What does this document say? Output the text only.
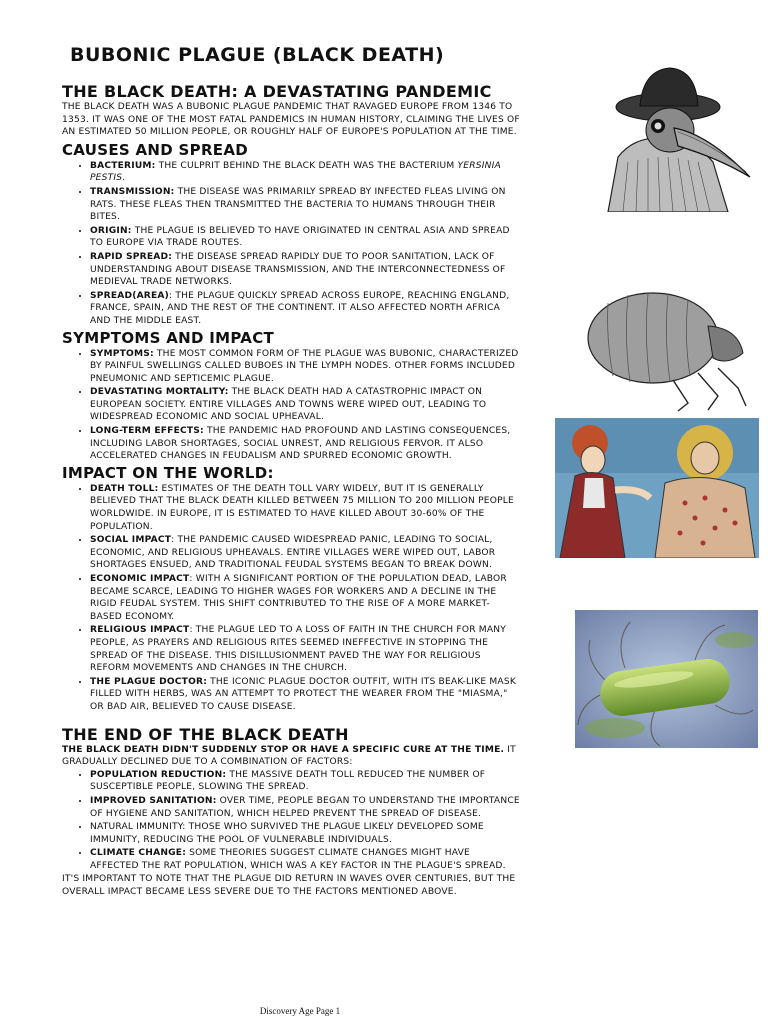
BUBONIC PLAGUE (BLACK DEATH)
THE BLACK DEATH: A DEVASTATING PANDEMIC

THE BLACK DEATH WAS A BUBONIC PLAGUE PANDEMIC THAT RAVAGED EUROPE FROM 1346 TO 1353. IT WAS ONE OF THE MOST FATAL PANDEMICS IN HUMAN HISTORY, CLAIMING THE LIVES OF AN ESTIMATED 50 MILLION PEOPLE, OR ROUGHLY HALF OF EUROPE'S POPULATION AT THE TIME.

CAUSES AND SPREAD
• BACTERIUM: THE CULPRIT BEHIND THE BLACK DEATH WAS THE BACTERIUM YERSINIA PESTIS.
• TRANSMISSION: THE DISEASE WAS PRIMARILY SPREAD BY INFECTED FLEAS LIVING ON RATS. THESE FLEAS THEN TRANSMITTED THE BACTERIA TO HUMANS THROUGH THEIR BITES.
• ORIGIN: THE PLAGUE IS BELIEVED TO HAVE ORIGINATED IN CENTRAL ASIA AND SPREAD TO EUROPE VIA TRADE ROUTES.
• RAPID SPREAD: THE DISEASE SPREAD RAPIDLY DUE TO POOR SANITATION, LACK OF UNDERSTANDING ABOUT DISEASE TRANSMISSION, AND THE INTERCONNECTEDNESS OF MEDIEVAL TRADE NETWORKS.
• SPREAD(AREA): THE PLAGUE QUICKLY SPREAD ACROSS EUROPE, REACHING ENGLAND, FRANCE, SPAIN, AND THE REST OF THE CONTINENT. IT ALSO AFFECTED NORTH AFRICA AND THE MIDDLE EAST.
SYMPTOMS AND IMPACT
• SYMPTOMS: THE MOST COMMON FORM OF THE PLAGUE WAS BUBONIC, CHARACTERIZED BY PAINFUL SWELLINGS CALLED BUBOES IN THE LYMPH NODES. OTHER FORMS INCLUDED PNEUMONIC AND SEPTICEMIC PLAGUE.
• DEVASTATING MORTALITY: THE BLACK DEATH HAD A CATASTROPHIC IMPACT ON EUROPEAN SOCIETY. ENTIRE VILLAGES AND TOWNS WERE WIPED OUT, LEADING TO WIDESPREAD ECONOMIC AND SOCIAL UPHEAVAL.
• LONG-TERM EFFECTS: THE PANDEMIC HAD PROFOUND AND LASTING CONSEQUENCES, INCLUDING LABOR SHORTAGES, SOCIAL UNREST, AND RELIGIOUS FERVOR. IT ALSO ACCELERATED CHANGES IN FEUDALISM AND SPURRED ECONOMIC GROWTH.
IMPACT ON THE WORLD:
• DEATH TOLL: ESTIMATES OF THE DEATH TOLL VARY WIDELY, BUT IT IS GENERALLY BELIEVED THAT THE BLACK DEATH KILLED BETWEEN 75 MILLION TO 200 MILLION PEOPLE WORLDWIDE. IN EUROPE, IT IS ESTIMATED TO HAVE KILLED ABOUT 30-60% OF THE POPULATION.
• SOCIAL IMPACT: THE PANDEMIC CAUSED WIDESPREAD PANIC, LEADING TO SOCIAL, ECONOMIC, AND RELIGIOUS UPHEAVALS. ENTIRE VILLAGES WERE WIPED OUT, LABOR SHORTAGES ENSUED, AND TRADITIONAL FEUDAL SYSTEMS BEGAN TO BREAK DOWN.
• ECONOMIC IMPACT: WITH A SIGNIFICANT PORTION OF THE POPULATION DEAD, LABOR BECAME SCARCE, LEADING TO HIGHER WAGES FOR WORKERS AND A DECLINE IN THE RIGID FEUDAL SYSTEM. THIS SHIFT CONTRIBUTED TO THE RISE OF A MORE MARKET-BASED ECONOMY.
• RELIGIOUS IMPACT: THE PLAGUE LED TO A LOSS OF FAITH IN THE CHURCH FOR MANY PEOPLE, AS PRAYERS AND RELIGIOUS RITES SEEMED INEFFECTIVE IN STOPPING THE SPREAD OF THE DISEASE. THIS DISILLUSIONMENT PAVED THE WAY FOR RELIGIOUS REFORM MOVEMENTS AND CHANGES IN THE CHURCH.
• THE PLAGUE DOCTOR: THE ICONIC PLAGUE DOCTOR OUTFIT, WITH ITS BEAK-LIKE MASK FILLED WITH HERBS, WAS AN ATTEMPT TO PROTECT THE WEARER FROM THE "MIASMA," OR BAD AIR, BELIEVED TO CAUSE DISEASE.
THE END OF THE BLACK DEATH

THE BLACK DEATH DIDN'T SUDDENLY STOP OR HAVE A SPECIFIC CURE AT THE TIME. IT GRADUALLY DECLINED DUE TO A COMBINATION OF FACTORS:

• POPULATION REDUCTION: THE MASSIVE DEATH TOLL REDUCED THE NUMBER OF SUSCEPTIBLE PEOPLE, SLOWING THE SPREAD.
• IMPROVED SANITATION: OVER TIME, PEOPLE BEGAN TO UNDERSTAND THE IMPORTANCE OF HYGIENE AND SANITATION, WHICH HELPED PREVENT THE SPREAD OF DISEASE.
• NATURAL IMMUNITY: THOSE WHO SURVIVED THE PLAGUE LIKELY DEVELOPED SOME IMMUNITY, REDUCING THE POOL OF VULNERABLE INDIVIDUALS.
• CLIMATE CHANGE: SOME THEORIES SUGGEST CLIMATE CHANGES MIGHT HAVE AFFECTED THE RAT POPULATION, WHICH WAS A KEY FACTOR IN THE PLAGUE'S SPREAD.

IT'S IMPORTANT TO NOTE THAT THE PLAGUE DID RETURN IN WAVES OVER CENTURIES, BUT THE OVERALL IMPACT BECAME LESS SEVERE DUE TO THE FACTORS MENTIONED ABOVE.

Discovery Age Page 1
